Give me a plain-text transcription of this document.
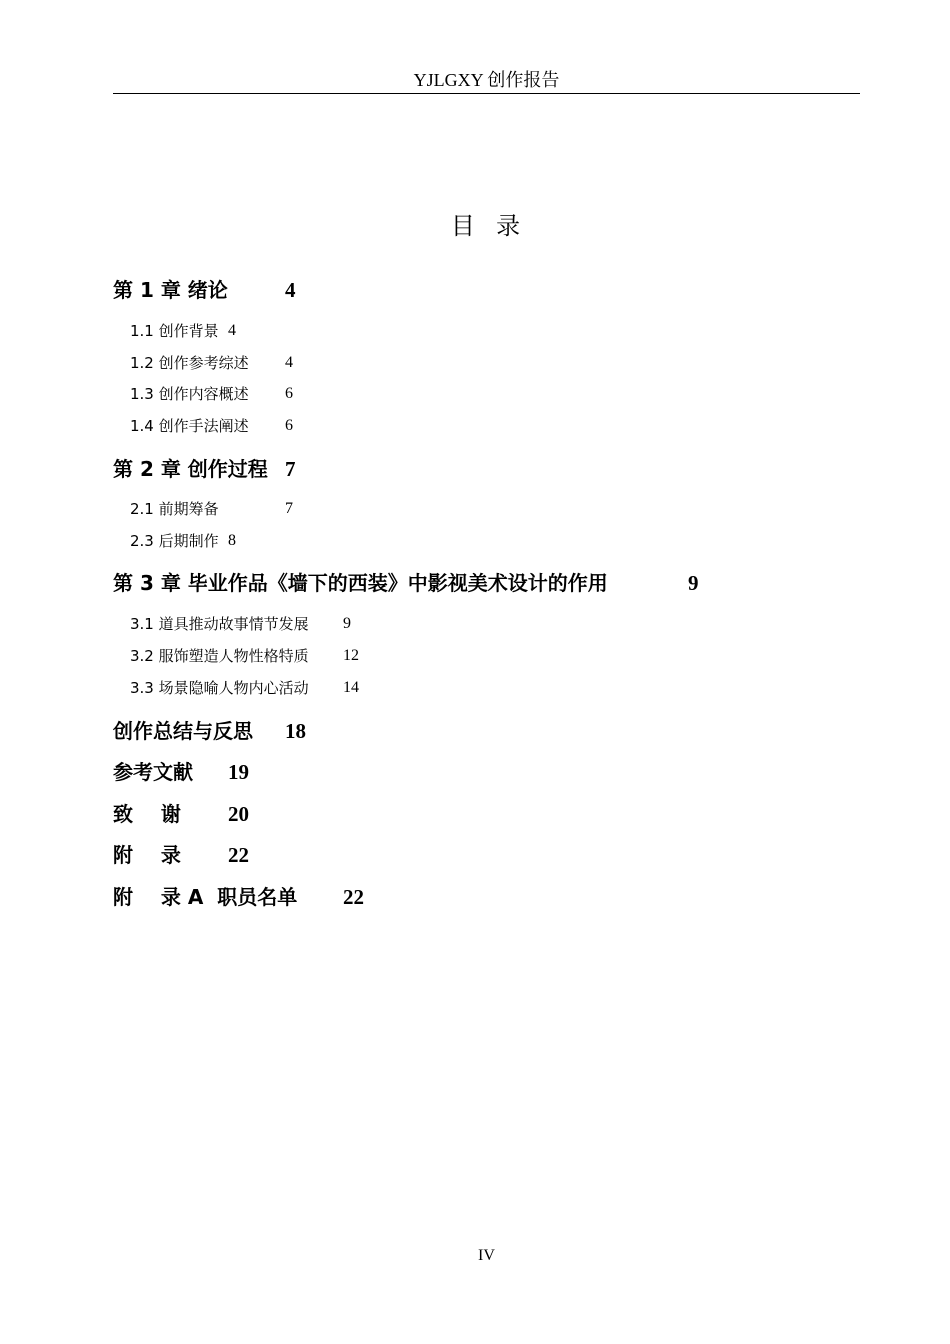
YJLGXY 创作报告
目  录
第 1 章 绪论	4
1.1 创作背景 4
1.2 创作参考综述 4
1.3 创作内容概述 6
1.4 创作手法阐述 6
第 2 章 创作过程 7
2.1 前期筹备	7
2.3 后期制作 8
第 3 章 毕业作品《墙下的西装》中影视美术设计的作用	9
3.1 道具推动故事情节发展 9
3.2 服饰塑造人物性格特质 12
3.3 场景隐喻人物内心活动 14
创作总结与反思 18
参考文献 19
致    谢 20
附    录 22
附    录 A  职员名单 22
IV
